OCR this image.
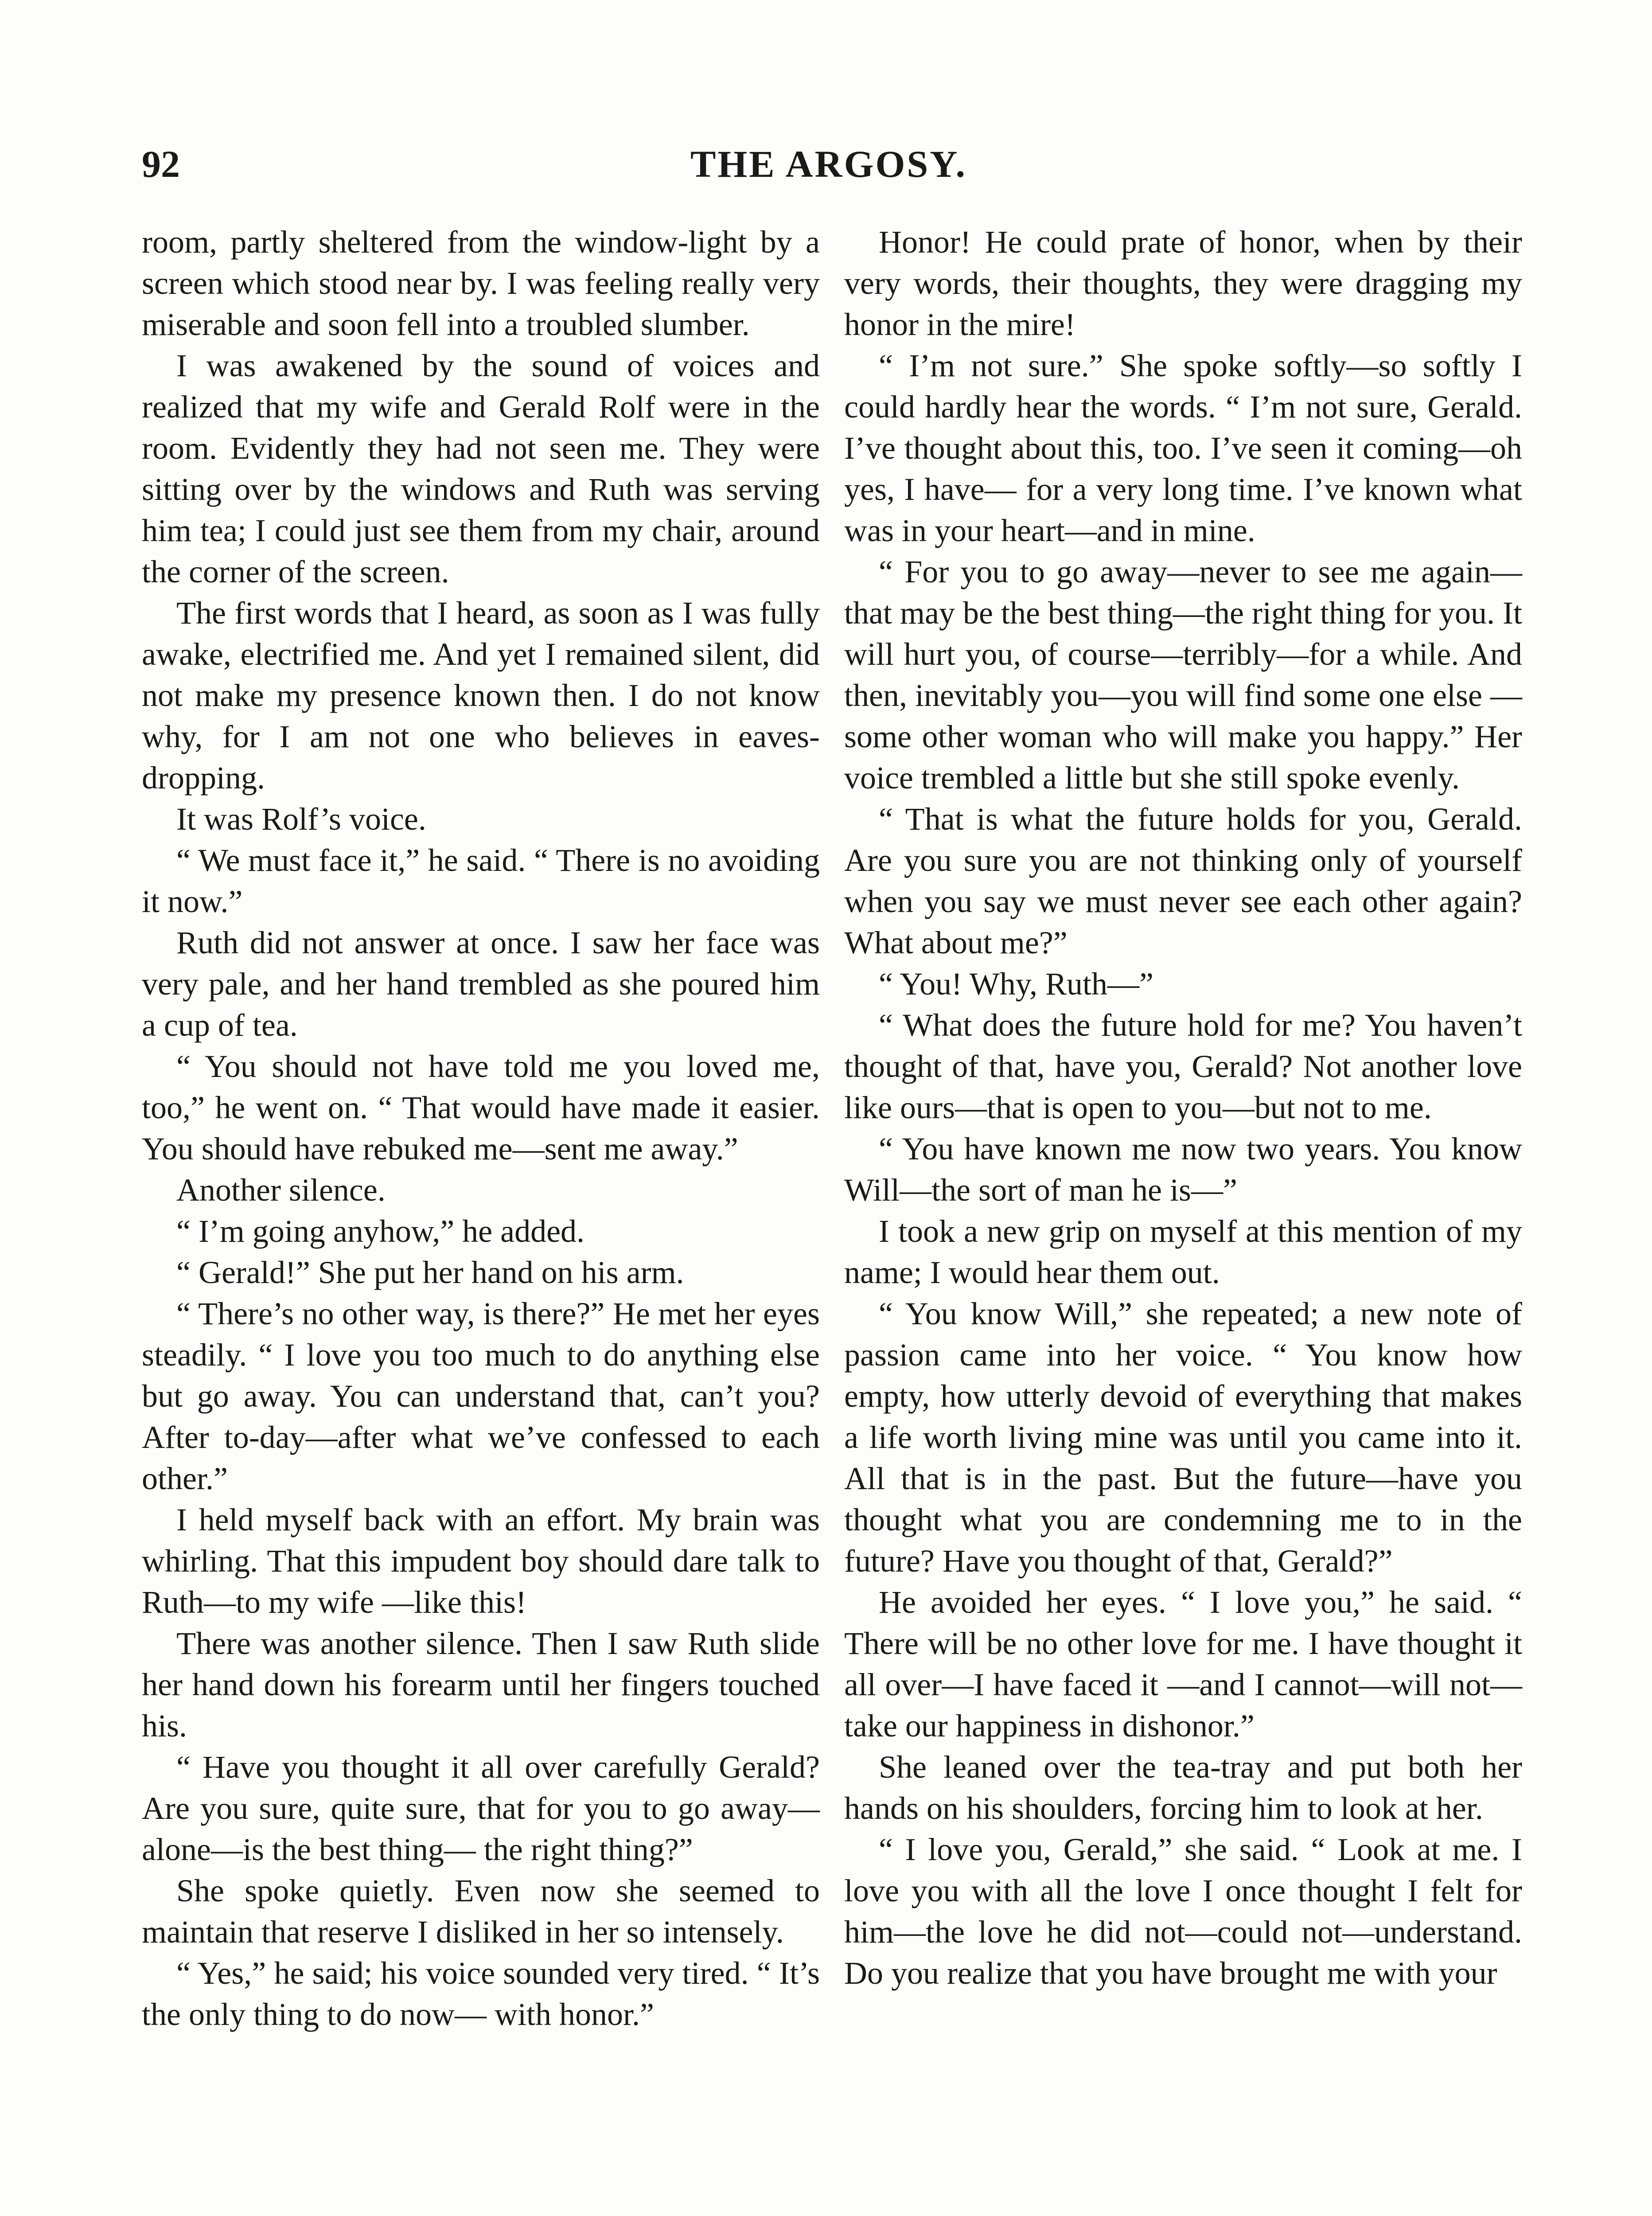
92	THE ARGOSY.

room, partly sheltered from the window-light by a screen which stood near by. I was feeling really very miserable and soon fell into a troubled slumber.

I was awakened by the sound of voices and realized that my wife and Gerald Rolf were in the room. Evidently they had not seen me. They were sitting over by the windows and Ruth was serving him tea; I could just see them from my chair, around the corner of the screen.

The first words that I heard, as soon as I was fully awake, electrified me. And yet I remained silent, did not make my presence known then. I do not know why, for I am not one who believes in eaves-dropping.

It was Rolf’s voice.

“ We must face it,” he said. “ There is no avoiding it now.”

Ruth did not answer at once. I saw her face was very pale, and her hand trembled as she poured him a cup of tea.

“ You should not have told me you loved me, too,” he went on. “ That would have made it easier. You should have rebuked me—sent me away.”

Another silence.

“ I’m going anyhow,” he added.

“ Gerald!” She put her hand on his arm.

“ There’s no other way, is there?” He met her eyes steadily. “ I love you too much to do anything else but go away. You can understand that, can’t you? After to-day—after what we’ve confessed to each other.”

I held myself back with an effort. My brain was whirling. That this impudent boy should dare talk to Ruth—to my wife —like this!

There was another silence. Then I saw Ruth slide her hand down his forearm until her fingers touched his.

“ Have you thought it all over carefully Gerald? Are you sure, quite sure, that for you to go away—alone—is the best thing— the right thing?”

She spoke quietly. Even now she seemed to maintain that reserve I disliked in her so intensely.

“ Yes,” he said; his voice sounded very tired. “ It’s the only thing to do now— with honor.”

Honor! He could prate of honor, when by their very words, their thoughts, they were dragging my honor in the mire!

“ I’m not sure.” She spoke softly—so softly I could hardly hear the words. “ I’m not sure, Gerald. I’ve thought about this, too. I’ve seen it coming—oh yes, I have— for a very long time. I’ve known what was in your heart—and in mine.

“ For you to go away—never to see me again—that may be the best thing—the right thing for you. It will hurt you, of course—terribly—for a while. And then, inevitably you—you will find some one else —some other woman who will make you happy.” Her voice trembled a little but she still spoke evenly.

“ That is what the future holds for you, Gerald. Are you sure you are not thinking only of yourself when you say we must never see each other again? What about me?”

“ You! Why, Ruth—”

“ What does the future hold for me? You haven’t thought of that, have you, Gerald? Not another love like ours—that is open to you—but not to me.

“ You have known me now two years. You know Will—the sort of man he is—”

I took a new grip on myself at this mention of my name; I would hear them out.

“ You know Will,” she repeated; a new note of passion came into her voice. “ You know how empty, how utterly devoid of everything that makes a life worth living mine was until you came into it. All that is in the past. But the future—have you thought what you are condemning me to in the future? Have you thought of that, Gerald?”

He avoided her eyes. “ I love you,” he said. “ There will be no other love for me. I have thought it all over—I have faced it —and I cannot—will not—take our happiness in dishonor.”

She leaned over the tea-tray and put both her hands on his shoulders, forcing him to look at her.

“ I love you, Gerald,” she said. “ Look at me. I love you with all the love I once thought I felt for him—the love he did not—could not—understand. Do you realize that you have brought me with your
